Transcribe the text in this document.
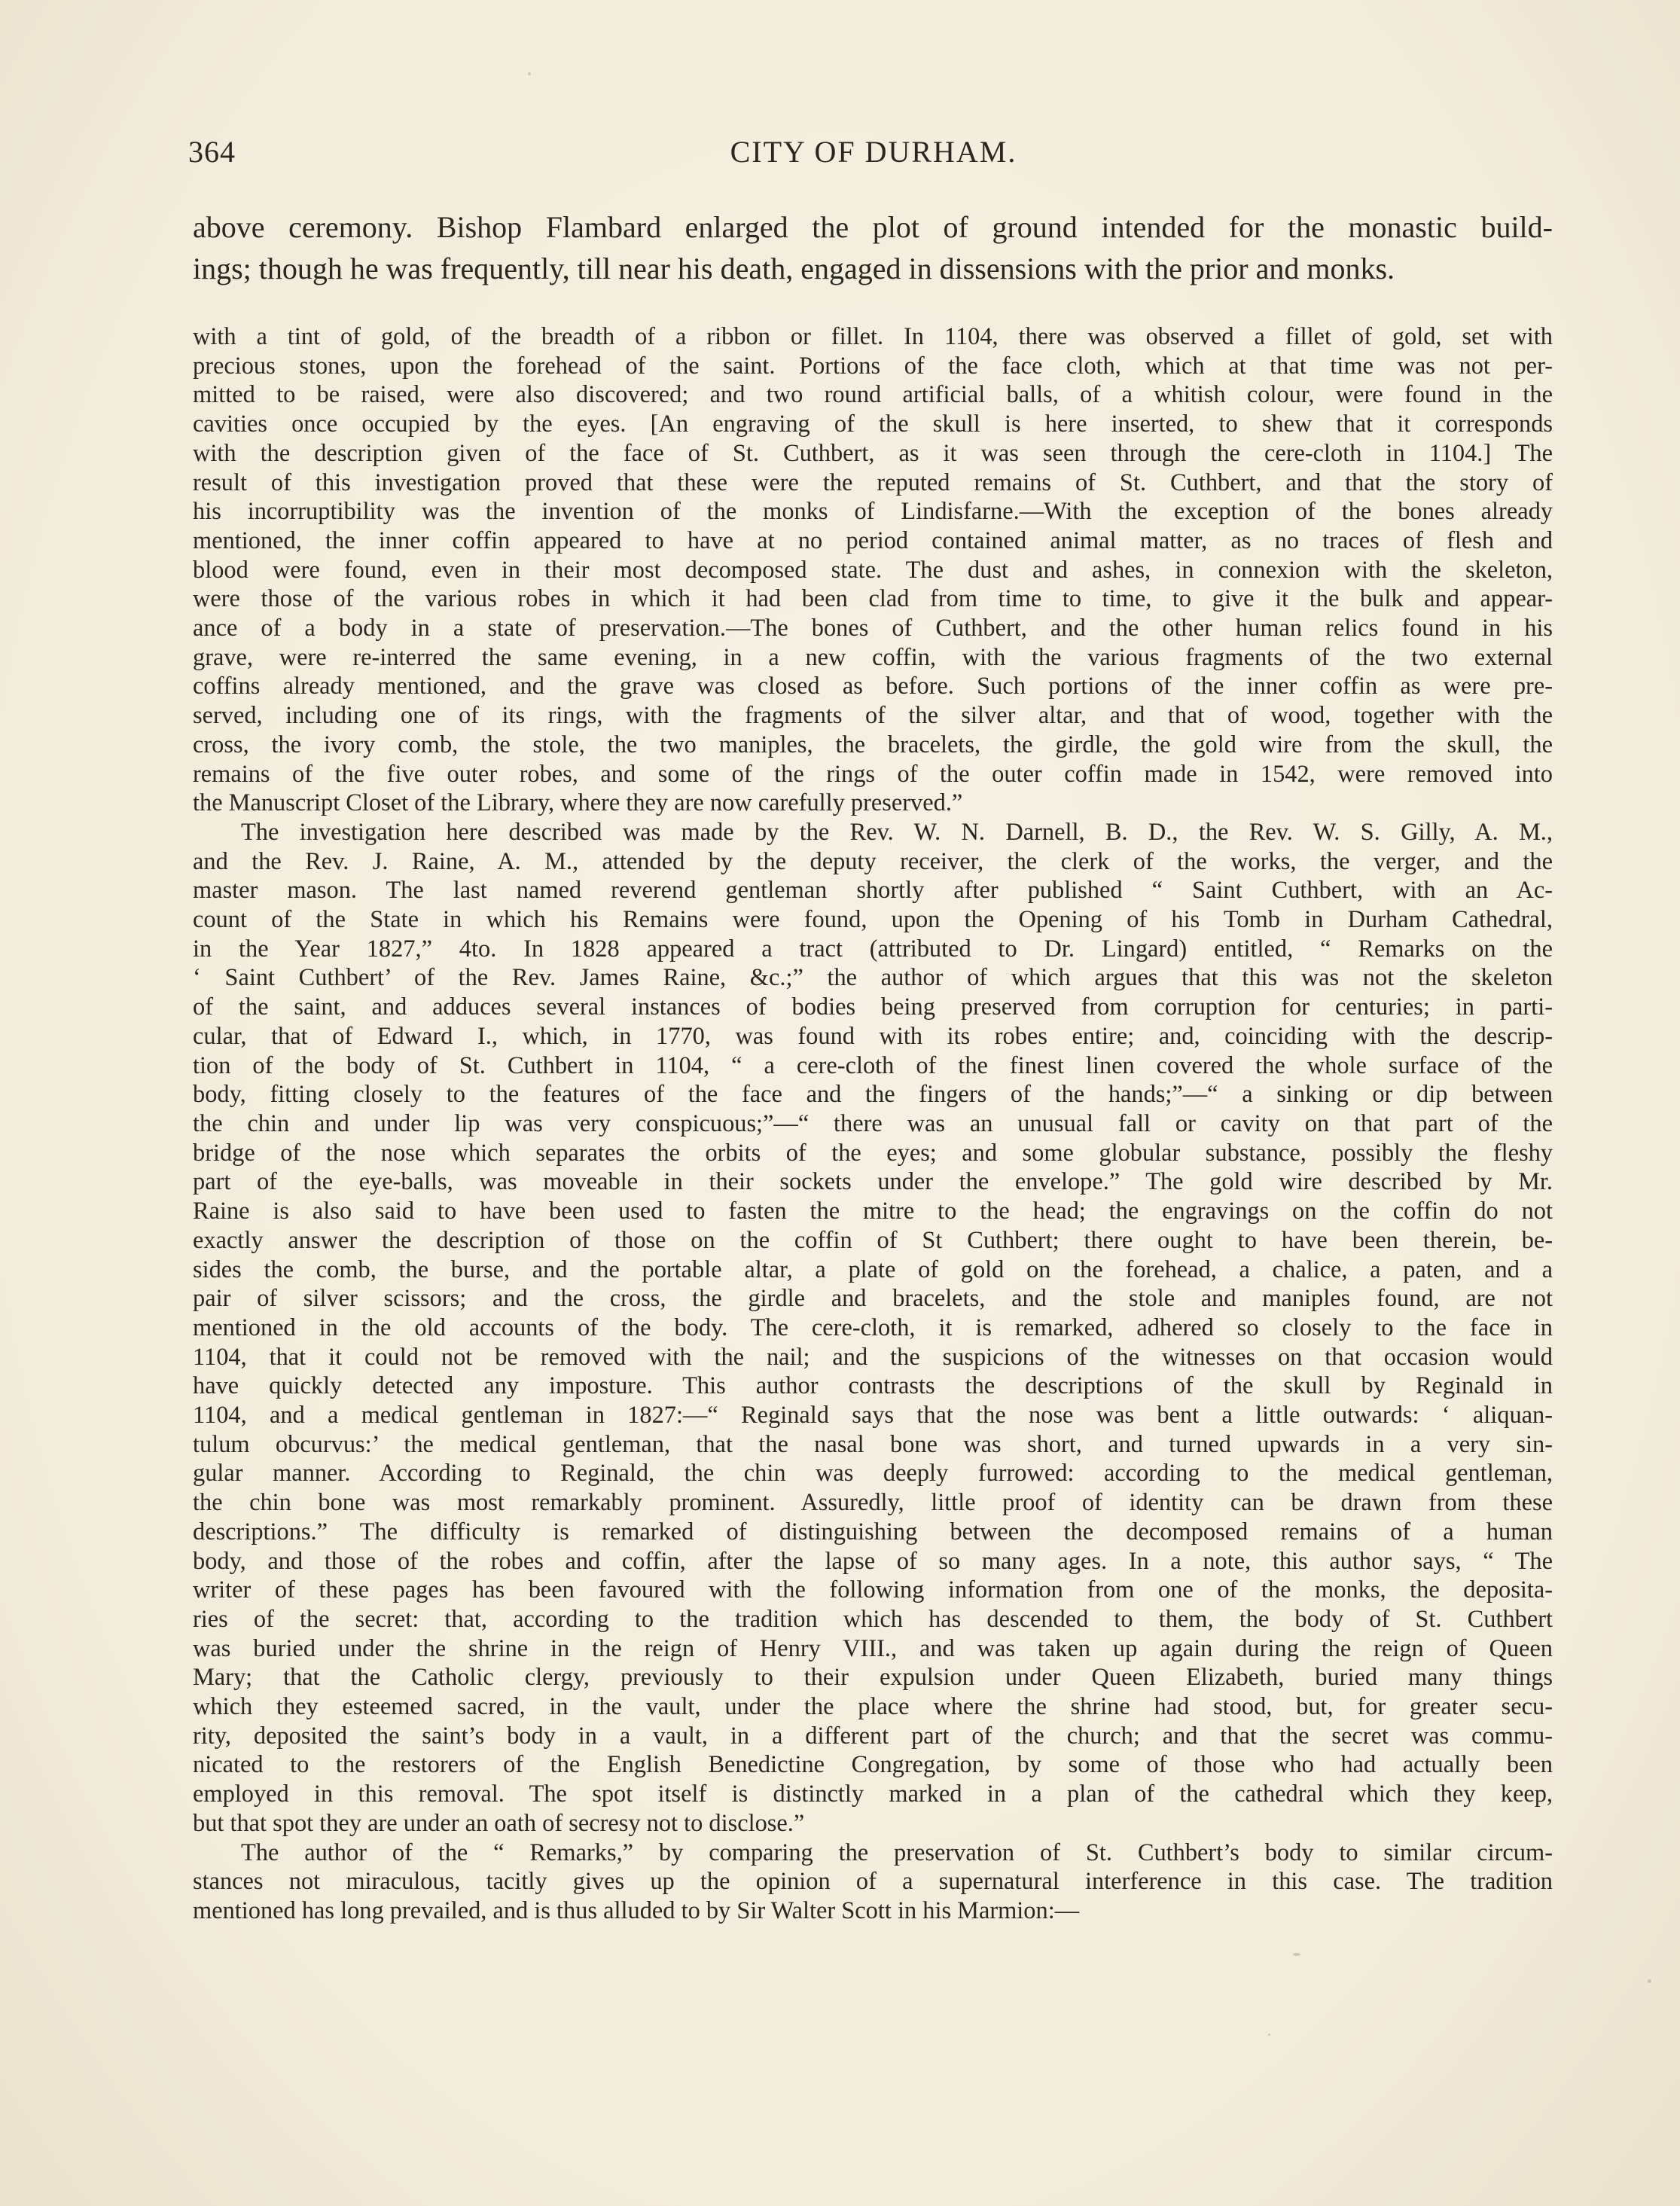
364	CITY OF DURHAM.
above ceremony. Bishop Flambard enlarged the plot of ground intended for the monastic build-
ings; though he was frequently, till near his death, engaged in dissensions with the prior and monks.
with a tint of gold, of the breadth of a ribbon or fillet. In 1104, there was observed a fillet of gold, set with
precious stones, upon the forehead of the saint. Portions of the face cloth, which at that time was not per-
mitted to be raised, were also discovered; and two round artificial balls, of a whitish colour, were found in the
cavities once occupied by the eyes. [An engraving of the skull is here inserted, to shew that it corresponds
with the description given of the face of St. Cuthbert, as it was seen through the cere-cloth in 1104.] The
result of this investigation proved that these were the reputed remains of St. Cuthbert, and that the story of
his incorruptibility was the invention of the monks of Lindisfarne.—With the exception of the bones already
mentioned, the inner coffin appeared to have at no period contained animal matter, as no traces of flesh and
blood were found, even in their most decomposed state. The dust and ashes, in connexion with the skeleton,
were those of the various robes in which it had been clad from time to time, to give it the bulk and appear-
ance of a body in a state of preservation.—The bones of Cuthbert, and the other human relics found in his
grave, were re-interred the same evening, in a new coffin, with the various fragments of the two external
coffins already mentioned, and the grave was closed as before. Such portions of the inner coffin as were pre-
served, including one of its rings, with the fragments of the silver altar, and that of wood, together with the
cross, the ivory comb, the stole, the two maniples, the bracelets, the girdle, the gold wire from the skull, the
remains of the five outer robes, and some of the rings of the outer coffin made in 1542, were removed into
the Manuscript Closet of the Library, where they are now carefully preserved.”
The investigation here described was made by the Rev. W. N. Darnell, B. D., the Rev. W. S. Gilly, A. M.,
and the Rev. J. Raine, A. M., attended by the deputy receiver, the clerk of the works, the verger, and the
master mason. The last named reverend gentleman shortly after published “ Saint Cuthbert, with an Ac-
count of the State in which his Remains were found, upon the Opening of his Tomb in Durham Cathedral,
in the Year 1827,” 4to. In 1828 appeared a tract (attributed to Dr. Lingard) entitled, “ Remarks on the
‘ Saint Cuthbert’ of the Rev. James Raine, &c.;” the author of which argues that this was not the skeleton
of the saint, and adduces several instances of bodies being preserved from corruption for centuries; in parti-
cular, that of Edward I., which, in 1770, was found with its robes entire; and, coinciding with the descrip-
tion of the body of St. Cuthbert in 1104, “ a cere-cloth of the finest linen covered the whole surface of the
body, fitting closely to the features of the face and the fingers of the hands;”—“ a sinking or dip between
the chin and under lip was very conspicuous;”—“ there was an unusual fall or cavity on that part of the
bridge of the nose which separates the orbits of the eyes; and some globular substance, possibly the fleshy
part of the eye-balls, was moveable in their sockets under the envelope.” The gold wire described by Mr.
Raine is also said to have been used to fasten the mitre to the head; the engravings on the coffin do not
exactly answer the description of those on the coffin of St Cuthbert; there ought to have been therein, be-
sides the comb, the burse, and the portable altar, a plate of gold on the forehead, a chalice, a paten, and a
pair of silver scissors; and the cross, the girdle and bracelets, and the stole and maniples found, are not
mentioned in the old accounts of the body. The cere-cloth, it is remarked, adhered so closely to the face in
1104, that it could not be removed with the nail; and the suspicions of the witnesses on that occasion would
have quickly detected any imposture. This author contrasts the descriptions of the skull by Reginald in
1104, and a medical gentleman in 1827:—“ Reginald says that the nose was bent a little outwards: ‘ aliquan-
tulum obcurvus:’ the medical gentleman, that the nasal bone was short, and turned upwards in a very sin-
gular manner. According to Reginald, the chin was deeply furrowed: according to the medical gentleman,
the chin bone was most remarkably prominent. Assuredly, little proof of identity can be drawn from these
descriptions.” The difficulty is remarked of distinguishing between the decomposed remains of a human
body, and those of the robes and coffin, after the lapse of so many ages. In a note, this author says, “ The
writer of these pages has been favoured with the following information from one of the monks, the deposita-
ries of the secret: that, according to the tradition which has descended to them, the body of St. Cuthbert
was buried under the shrine in the reign of Henry VIII., and was taken up again during the reign of Queen
Mary; that the Catholic clergy, previously to their expulsion under Queen Elizabeth, buried many things
which they esteemed sacred, in the vault, under the place where the shrine had stood, but, for greater secu-
rity, deposited the saint’s body in a vault, in a different part of the church; and that the secret was commu-
nicated to the restorers of the English Benedictine Congregation, by some of those who had actually been
employed in this removal. The spot itself is distinctly marked in a plan of the cathedral which they keep,
but that spot they are under an oath of secresy not to disclose.”
The author of the “ Remarks,” by comparing the preservation of St. Cuthbert’s body to similar circum-
stances not miraculous, tacitly gives up the opinion of a supernatural interference in this case. The tradition
mentioned has long prevailed, and is thus alluded to by Sir Walter Scott in his Marmion:—
